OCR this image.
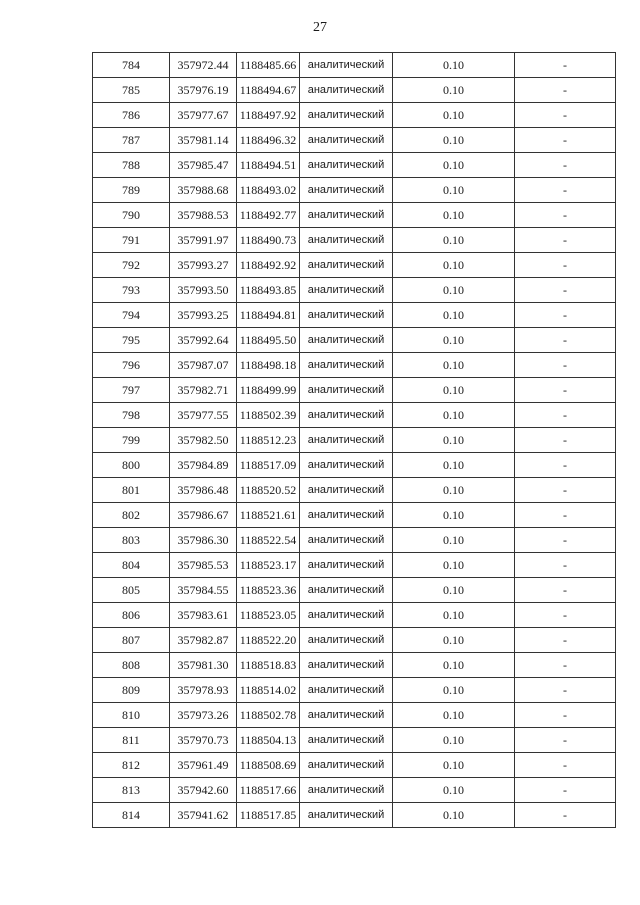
27
784	357972.44	1188485.66	аналитический	0.10	-
785	357976.19	1188494.67	аналитический	0.10	-
786	357977.67	1188497.92	аналитический	0.10	-
787	357981.14	1188496.32	аналитический	0.10	-
788	357985.47	1188494.51	аналитический	0.10	-
789	357988.68	1188493.02	аналитический	0.10	-
790	357988.53	1188492.77	аналитический	0.10	-
791	357991.97	1188490.73	аналитический	0.10	-
792	357993.27	1188492.92	аналитический	0.10	-
793	357993.50	1188493.85	аналитический	0.10	-
794	357993.25	1188494.81	аналитический	0.10	-
795	357992.64	1188495.50	аналитический	0.10	-
796	357987.07	1188498.18	аналитический	0.10	-
797	357982.71	1188499.99	аналитический	0.10	-
798	357977.55	1188502.39	аналитический	0.10	-
799	357982.50	1188512.23	аналитический	0.10	-
800	357984.89	1188517.09	аналитический	0.10	-
801	357986.48	1188520.52	аналитический	0.10	-
802	357986.67	1188521.61	аналитический	0.10	-
803	357986.30	1188522.54	аналитический	0.10	-
804	357985.53	1188523.17	аналитический	0.10	-
805	357984.55	1188523.36	аналитический	0.10	-
806	357983.61	1188523.05	аналитический	0.10	-
807	357982.87	1188522.20	аналитический	0.10	-
808	357981.30	1188518.83	аналитический	0.10	-
809	357978.93	1188514.02	аналитический	0.10	-
810	357973.26	1188502.78	аналитический	0.10	-
811	357970.73	1188504.13	аналитический	0.10	-
812	357961.49	1188508.69	аналитический	0.10	-
813	357942.60	1188517.66	аналитический	0.10	-
814	357941.62	1188517.85	аналитический	0.10	-
